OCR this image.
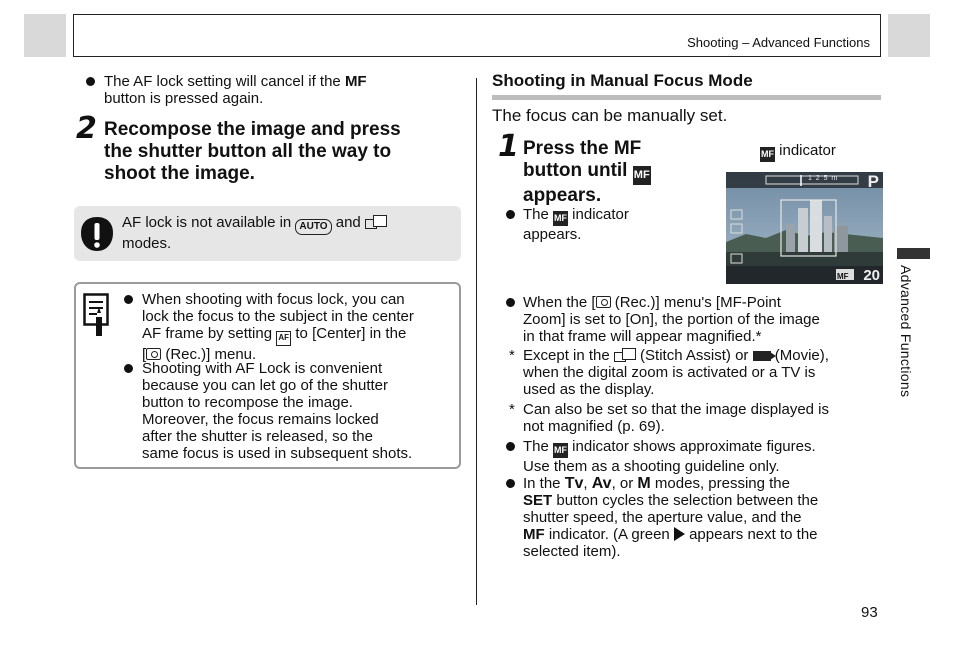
Shooting – Advanced Functions
The AF lock setting will cancel if the MF
button is pressed again.
2 Recompose the image and press
the shutter button all the way to
shoot the image.
AF lock is not available in AUTO and
modes.
When shooting with focus lock, you can
lock the focus to the subject in the center
AF frame by setting AF to [Center] in the
[ (Rec.)] menu.
Shooting with AF Lock is convenient
because you can let go of the shutter
button to recompose the image.
Moreover, the focus remains locked
after the shutter is released, so the
same focus is used in subsequent shots.
Shooting in Manual Focus Mode
The focus can be manually set.
1 Press the MF
button until MF
appears.
The MF indicator
appears.
MF indicator
1  2  5  m P
20
MF
When the [ (Rec.)] menu's [MF-Point
Zoom] is set to [On], the portion of the image
in that frame will appear magnified.*
* Except in the  (Stitch Assist) or  (Movie),
when the digital zoom is activated or a TV is
used as the display.
* Can also be set so that the image displayed is
not magnified (p. 69).
The MF indicator shows approximate figures.
Use them as a shooting guideline only.
In the Tv, Av, or M modes, pressing the
SET button cycles the selection between the
shutter speed, the aperture value, and the
MF indicator. (A green  appears next to the
selected item).
Advanced Functions
93
